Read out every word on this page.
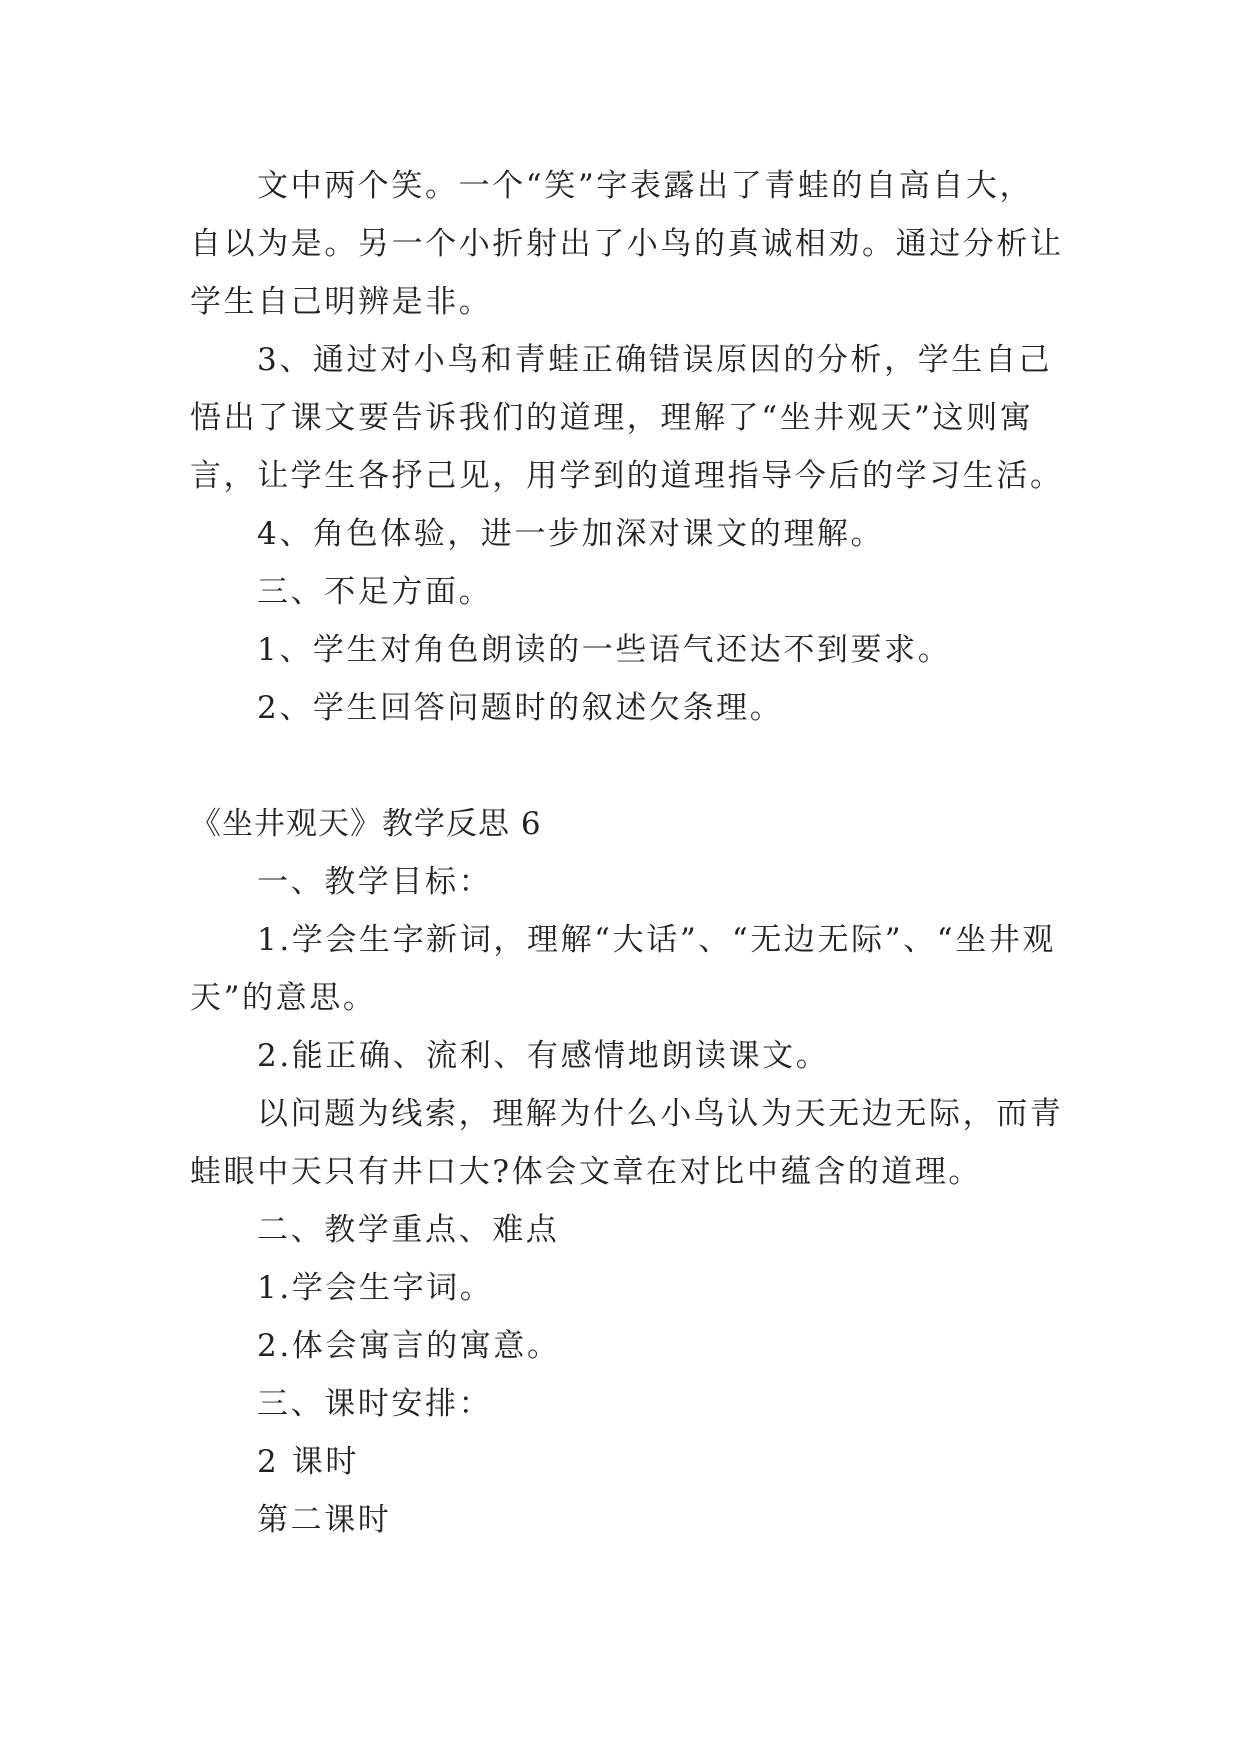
文中两个笑。一个“笑”字表露出了青蛙的自高自大，
自以为是。另一个小折射出了小鸟的真诚相劝。通过分析让
学生自己明辨是非。
3、通过对小鸟和青蛙正确错误原因的分析，学生自己
悟出了课文要告诉我们的道理，理解了“坐井观天”这则寓
言，让学生各抒己见，用学到的道理指导今后的学习生活。
4、角色体验，进一步加深对课文的理解。
三、不足方面。
1、学生对角色朗读的一些语气还达不到要求。
2、学生回答问题时的叙述欠条理。
《坐井观天》教学反思 6
一、教学目标：
1.学会生字新词，理解“大话”、“无边无际”、“坐井观
天”的意思。
2.能正确、流利、有感情地朗读课文。
以问题为线索，理解为什么小鸟认为天无边无际，而青
蛙眼中天只有井口大?体会文章在对比中蕴含的道理。
二、教学重点、难点
1.学会生字词。
2.体会寓言的寓意。
三、课时安排：
2 课时
第二课时
